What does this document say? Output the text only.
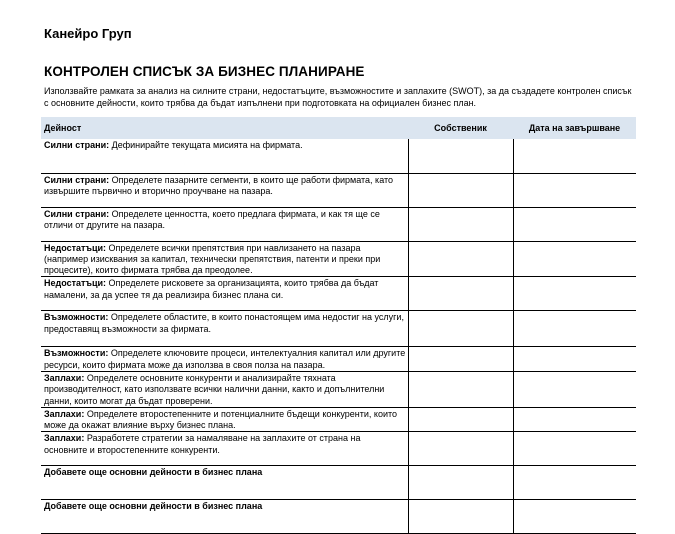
Канейро Груп
КОНТРОЛЕН СПИСЪК ЗА БИЗНЕС ПЛАНИРАНЕ
Използвайте рамката за анализ на силните страни, недостатъците, възможностите и заплахите (SWOT), за да създадете контролен списък с основните дейности, които трябва да бъдат изпълнени при подготовката на официален бизнес план.
Дейност	Собственик	Дата на завършване
Силни страни: Дефинирайте текущата мисията на фирмата.		
Силни страни: Определете пазарните сегменти, в които ще работи фирмата, като извършите първично и вторично проучване на пазара.		
Силни страни: Определете ценността, което предлага фирмата, и как тя ще се отличи от другите на пазара.		
Недостатъци: Определете всички препятствия при навлизането на пазара (например изисквания за капитал, технически препятствия, патенти и преки при процесите), които фирмата трябва да преодолее.		
Недостатъци: Определете рисковете за организацията, които трябва да бъдат намалени, за да успее тя да реализира бизнес плана си.		
Възможности: Определете областите, в които понастоящем има недостиг на услуги, предоставящ възможности за фирмата.		
Възможности: Определете ключовите процеси, интелектуалния капитал или другите ресурси, които фирмата може да използва в своя полза на пазара.		
Заплахи: Определете основните конкуренти и анализирайте тяхната производителност, като използвате всички налични данни, както и допълнителни данни, които могат да бъдат проверени.		
Заплахи: Определете второстепенните и потенциалните бъдещи конкуренти, които може да окажат влияние върху бизнес плана.		
Заплахи: Разработете стратегии за намаляване на заплахите от страна на основните и второстепенните конкуренти.		
Добавете още основни дейности в бизнес плана		
Добавете още основни дейности в бизнес плана		
